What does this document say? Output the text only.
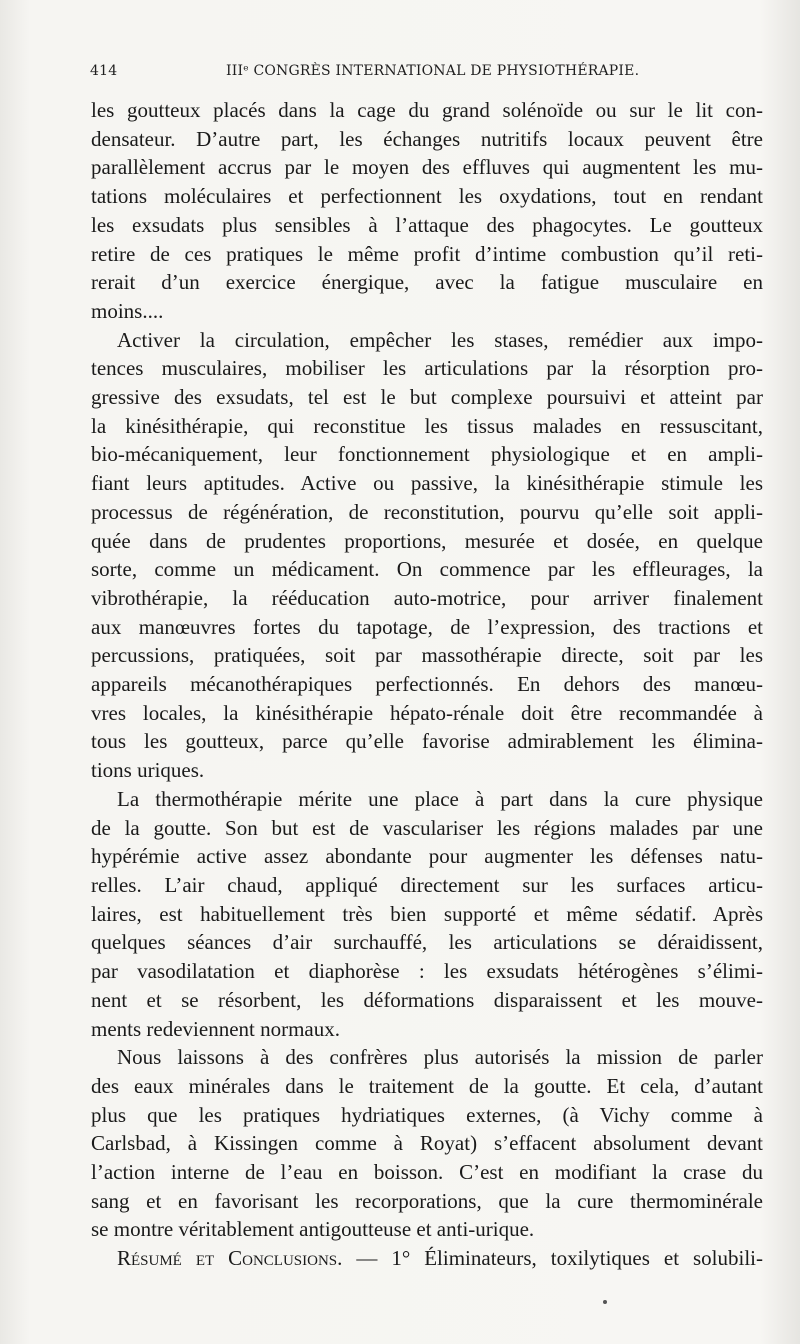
414	IIIᵉ CONGRÈS INTERNATIONAL DE PHYSIOTHÉRAPIE.
les goutteux placés dans la cage du grand solénoïde ou sur le lit con-
densateur. D’autre part, les échanges nutritifs locaux peuvent être
parallèlement accrus par le moyen des effluves qui augmentent les mu-
tations moléculaires et perfectionnent les oxydations, tout en rendant
les exsudats plus sensibles à l’attaque des phagocytes. Le goutteux
retire de ces pratiques le même profit d’intime combustion qu’il reti-
rerait d’un exercice énergique, avec la fatigue musculaire en
moins....
Activer la circulation, empêcher les stases, remédier aux impo-
tences musculaires, mobiliser les articulations par la résorption pro-
gressive des exsudats, tel est le but complexe poursuivi et atteint par
la kinésithérapie, qui reconstitue les tissus malades en ressuscitant,
bio-mécaniquement, leur fonctionnement physiologique et en ampli-
fiant leurs aptitudes. Active ou passive, la kinésithérapie stimule les
processus de régénération, de reconstitution, pourvu qu’elle soit appli-
quée dans de prudentes proportions, mesurée et dosée, en quelque
sorte, comme un médicament. On commence par les effleurages, la
vibrothérapie, la rééducation auto-motrice, pour arriver finalement
aux manœuvres fortes du tapotage, de l’expression, des tractions et
percussions, pratiquées, soit par massothérapie directe, soit par les
appareils mécanothérapiques perfectionnés. En dehors des manœu-
vres locales, la kinésithérapie hépato-rénale doit être recommandée à
tous les goutteux, parce qu’elle favorise admirablement les élimina-
tions uriques.
La thermothérapie mérite une place à part dans la cure physique
de la goutte. Son but est de vasculariser les régions malades par une
hypérémie active assez abondante pour augmenter les défenses natu-
relles. L’air chaud, appliqué directement sur les surfaces articu-
laires, est habituellement très bien supporté et même sédatif. Après
quelques séances d’air surchauffé, les articulations se déraidissent,
par vasodilatation et diaphorèse : les exsudats hétérogènes s’élimi-
nent et se résorbent, les déformations disparaissent et les mouve-
ments redeviennent normaux.
Nous laissons à des confrères plus autorisés la mission de parler
des eaux minérales dans le traitement de la goutte. Et cela, d’autant
plus que les pratiques hydriatiques externes, (à Vichy comme à
Carlsbad, à Kissingen comme à Royat) s’effacent absolument devant
l’action interne de l’eau en boisson. C’est en modifiant la crase du
sang et en favorisant les recorporations, que la cure thermominérale
se montre véritablement antigoutteuse et anti-urique.
Résumé et Conclusions. — 1° Éliminateurs, toxilytiques et solubili-
